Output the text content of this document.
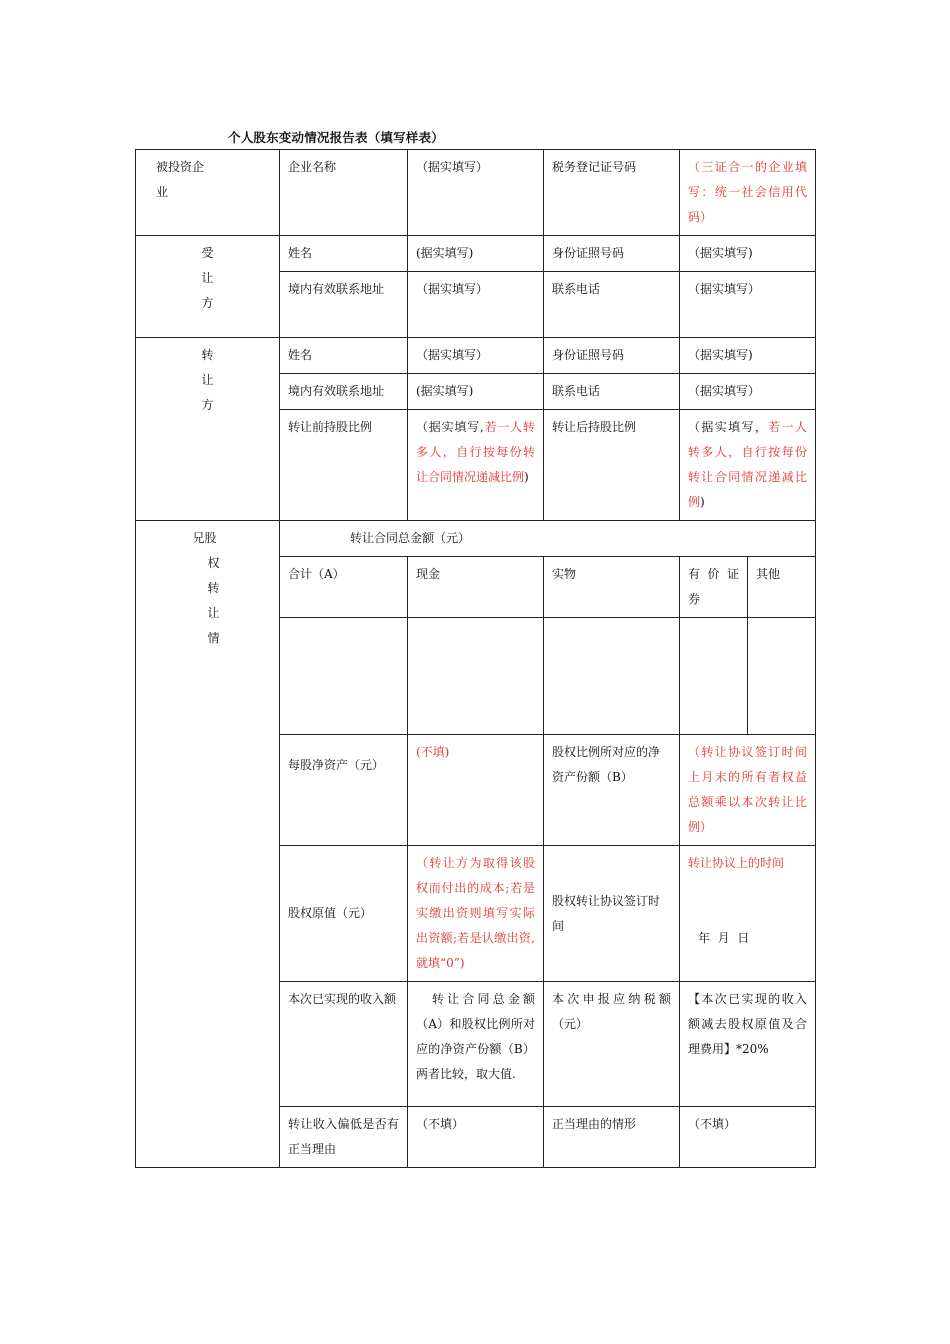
个人股东变动情况报告表（填写样表）
被投资企业	企业名称	（据实填写）	税务登记证号码	（三证合一的企业填写：统一社会信用代码）	

受
让
方	姓名	(据实填写)	身份证照号码	（据实填写)	
	境内有效联系地址	（据实填写）	联系电话	（据实填写）	

转
让
方	姓名	（据实填写）	身份证照号码	（据实填写)	
	境内有效联系地址	(据实填写)	联系电话	（据实填写）	
	转让前持股比例	（据实填写,若一人转多人，自行按每份转让合同情况递减比例)	转让后持股比例	（据实填写，若一人转多人，自行按每份转让合同情况递减比例)	

兄股
权
转
让
情	转让合同总金额（元）				
	合计（A）	现金	实物	有 价 证 券	其他

	每股净资产（元）	(不填)	股权比例所对应的净资产份额（B）	（转让协议签订时间上月末的所有者权益总额乘以本次转让比例）	
	股权原值（元）	（转让方为取得该股权而付出的成本;若是实缴出资则填写实际出资额;若是认缴出资,就填“0”)	股权转让协议签订时间	转让协议上的时间
年  月  日	

	本次已实现的收入额	转让合同总金额（A）和股权比例所对应的净资产份额（B）两者比较，取大值.	本次申报应纳税额（元）	【本次已实现的收入额减去股权原值及合理费用】*20%	
	转让收入偏低是否有正当理由	（不填）	正当理由的情形	（不填）	
